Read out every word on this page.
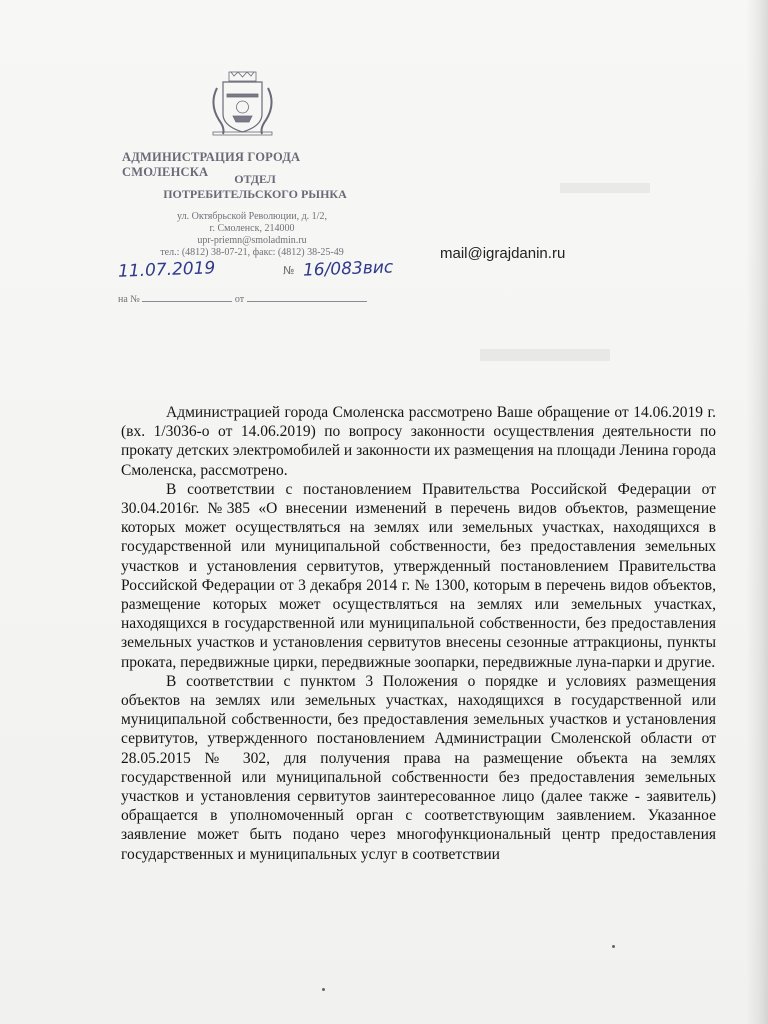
АДМИНИСТРАЦИЯ ГОРОДА СМОЛЕНСКА	ОТДЕЛ
ПОТРЕБИТЕЛЬСКОГО РЫНКА
ул. Октябрьской Революции, д. 1/2,
г. Смоленск, 214000
upr-priemn@smoladmin.ru
тел.: (4812) 38-07-21, факс: (4812) 38-25-49
11.07.2019	№ 16/083вис
на №	от
mail@igrajdanin.ru

Администрацией города Смоленска рассмотрено Ваше обращение от 14.06.2019 г. (вх. 1/3036-о от 14.06.2019) по вопросу законности осуществления деятельности по прокату детских электромобилей и законности их размещения на площади Ленина города Смоленска, рассмотрено.

В соответствии с постановлением Правительства Российской Федерации от 30.04.2016г. №385 «О внесении изменений в перечень видов объектов, размещение которых может осуществляться на землях или земельных участках, находящихся в государственной или муниципальной собственности, без предоставления земельных участков и установления сервитутов, утвержденный постановлением Правительства Российской Федерации от 3 декабря 2014 г. № 1300, которым в перечень видов объектов, размещение которых может осуществляться на землях или земельных участках, находящихся в государственной или муниципальной собственности, без предоставления земельных участков и установления сервитутов внесены сезонные аттракционы, пункты проката, передвижные цирки, передвижные зоопарки, передвижные луна-парки и другие.

В соответствии с пунктом 3 Положения о порядке и условиях размещения объектов на землях или земельных участках, находящихся в государственной или муниципальной собственности, без предоставления земельных участков и установления сервитутов, утвержденного постановлением Администрации Смоленской области от 28.05.2015 № 302, для получения права на размещение объекта на землях государственной или муниципальной собственности без предоставления земельных участков и установления сервитутов заинтересованное лицо (далее также - заявитель) обращается в уполномоченный орган с соответствующим заявлением. Указанное заявление может быть подано через многофункциональный центр предоставления государственных и муниципальных услуг в соответствии
